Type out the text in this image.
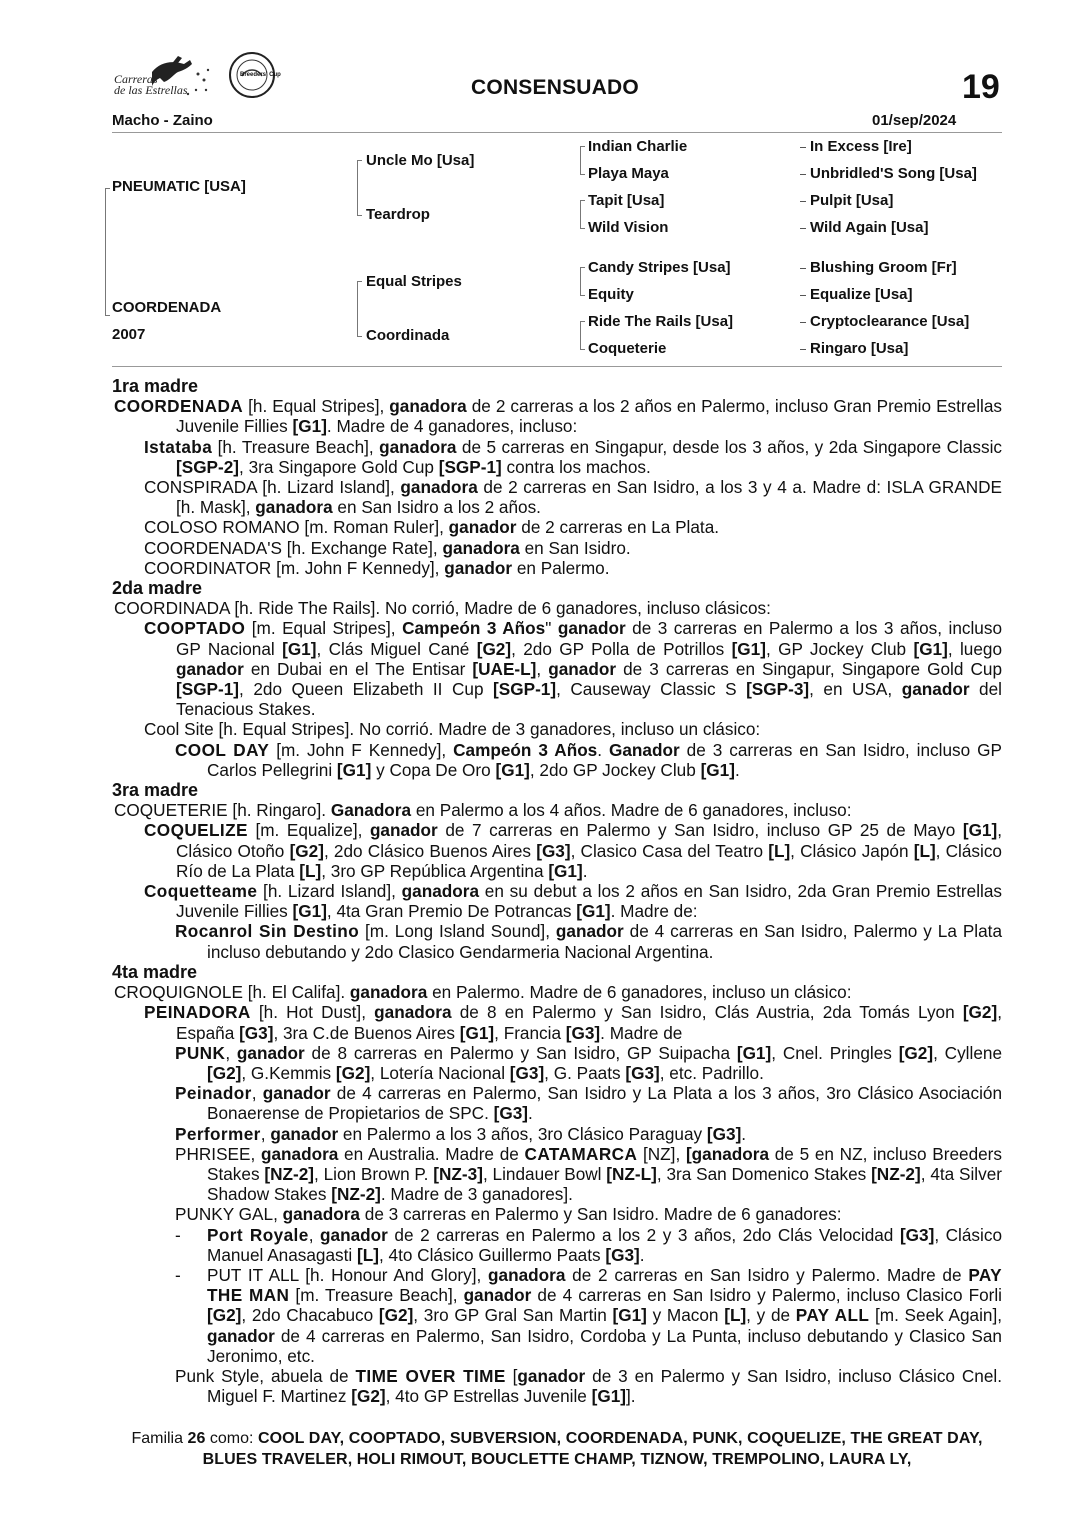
Carreras
de las Estrellas
Breeders' Cup
CONSENSUADO	19
Macho - Zaino	01/sep/2024
PNEUMATIC [USA]
COORDENADA
2007
Uncle Mo [Usa]
Teardrop
Equal Stripes
Coordinada
Indian Charlie
Playa Maya
Tapit [Usa]
Wild Vision
Candy Stripes [Usa]
Equity
Ride The Rails [Usa]
Coqueterie
In Excess [Ire]
Unbridled'S Song [Usa]
Pulpit [Usa]
Wild Again [Usa]
Blushing Groom [Fr]
Equalize [Usa]
Cryptoclearance [Usa]
Ringaro [Usa]

1ra madre

COORDENADA [h. Equal Stripes], ganadora de 2 carreras a los 2 años en Palermo, incluso Gran Premio Estrellas Juvenile Fillies [G1]. Madre de 4 ganadores, incluso:

Istataba [h. Treasure Beach], ganadora de 5 carreras en Singapur, desde los 3 años, y 2da Singapore Classic [SGP-2], 3ra Singapore Gold Cup [SGP-1] contra los machos.

CONSPIRADA [h. Lizard Island], ganadora de 2 carreras en San Isidro, a los 3 y 4 a. Madre d: ISLA GRANDE [h. Mask], ganadora en San Isidro a los 2 años.

COLOSO ROMANO [m. Roman Ruler], ganador de 2 carreras en La Plata.

COORDENADA'S [h. Exchange Rate], ganadora en San Isidro.

COORDINATOR [m. John F Kennedy], ganador en Palermo.

2da madre

COORDINADA [h. Ride The Rails]. No corrió, Madre de 6 ganadores, incluso clásicos:

COOPTADO [m. Equal Stripes], Campeón 3 Años" ganador de 3 carreras en Palermo a los 3 años, incluso GP Nacional [G1], Clás Miguel Cané [G2], 2do GP Polla de Potrillos [G1], GP Jockey Club [G1], luego ganador en Dubai en el The Entisar [UAE-L], ganador de 3 carreras en Singapur, Singapore Gold Cup [SGP-1], 2do Queen Elizabeth II Cup [SGP-1], Causeway Classic S [SGP-3], en USA, ganador del Tenacious Stakes.

Cool Site [h. Equal Stripes]. No corrió. Madre de 3 ganadores, incluso un clásico:

COOL DAY [m. John F Kennedy], Campeón 3 Años. Ganador de 3 carreras en San Isidro, incluso GP Carlos Pellegrini [G1] y Copa De Oro [G1], 2do GP Jockey Club [G1].

3ra madre

COQUETERIE [h. Ringaro]. Ganadora en Palermo a los 4 años. Madre de 6 ganadores, incluso:

COQUELIZE [m. Equalize], ganador de 7 carreras en Palermo y San Isidro, incluso GP 25 de Mayo [G1], Clásico Otoño [G2], 2do Clásico Buenos Aires [G3], Clasico Casa del Teatro [L], Clásico Japón [L], Clásico Río de La Plata [L], 3ro GP República Argentina [G1].

Coquetteame [h. Lizard Island], ganadora en su debut a los 2 años en San Isidro, 2da Gran Premio Estrellas Juvenile Fillies [G1], 4ta Gran Premio De Potrancas [G1]. Madre de:

Rocanrol Sin Destino [m. Long Island Sound], ganador de 4 carreras en San Isidro, Palermo y La Plata incluso debutando y 2do Clasico Gendarmeria Nacional Argentina.

4ta madre

CROQUIGNOLE [h. El Califa]. ganadora en Palermo. Madre de 6 ganadores, incluso un clásico:

PEINADORA [h. Hot Dust], ganadora de 8 en Palermo y San Isidro, Clás Austria, 2da Tomás Lyon [G2], España [G3], 3ra C.de Buenos Aires [G1], Francia [G3]. Madre de

PUNK, ganador de 8 carreras en Palermo y San Isidro, GP Suipacha [G1], Cnel. Pringles [G2], Cyllene [G2], G.Kemmis [G2], Lotería Nacional [G3], G. Paats [G3], etc. Padrillo.

Peinador, ganador de 4 carreras en Palermo, San Isidro y La Plata a los 3 años, 3ro Clásico Asociación Bonaerense de Propietarios de SPC. [G3].

Performer, ganador en Palermo a los 3 años, 3ro Clásico Paraguay [G3].

PHRISEE, ganadora en Australia. Madre de CATAMARCA [NZ], [ganadora de 5 en NZ, incluso Breeders Stakes [NZ-2], Lion Brown P. [NZ-3], Lindauer Bowl [NZ-L], 3ra San Domenico Stakes [NZ-2], 4ta Silver Shadow Stakes [NZ-2]. Madre de 3 ganadores].

PUNKY GAL, ganadora de 3 carreras en Palermo y San Isidro. Madre de 6 ganadores:

- Port Royale, ganador de 2 carreras en Palermo a los 2 y 3 años, 2do Clás Velocidad [G3], Clásico Manuel Anasagasti [L], 4to Clásico Guillermo Paats [G3].

- PUT IT ALL [h. Honour And Glory], ganadora de 2 carreras en San Isidro y Palermo. Madre de PAY THE MAN [m. Treasure Beach], ganador de 4 carreras en San Isidro y Palermo, incluso Clasico Forli [G2], 2do Chacabuco [G2], 3ro GP Gral San Martin [G1] y Macon [L], y de PAY ALL [m. Seek Again], ganador de 4 carreras en Palermo, San Isidro, Cordoba y La Punta, incluso debutando y Clasico San Jeronimo, etc.

Punk Style, abuela de TIME OVER TIME [ganador de 3 en Palermo y San Isidro, incluso Clásico Cnel. Miguel F. Martinez [G2], 4to GP Estrellas Juvenile [G1]].

Familia 26 como: COOL DAY, COOPTADO, SUBVERSION, COORDENADA, PUNK, COQUELIZE, THE GREAT DAY, BLUES TRAVELER, HOLI RIMOUT, BOUCLETTE CHAMP, TIZNOW, TREMPOLINO, LAURA LY,
